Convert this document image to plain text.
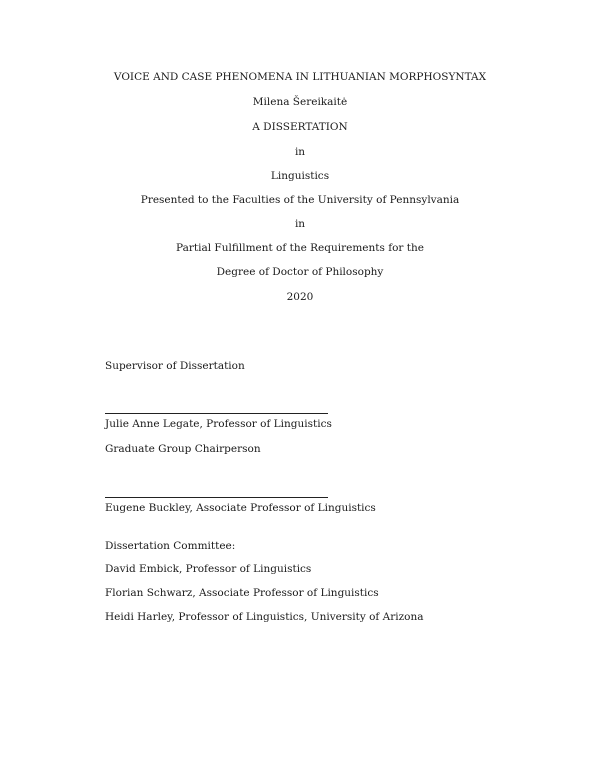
VOICE AND CASE PHENOMENA IN LITHUANIAN MORPHOSYNTAX
Milena Šereikaitė
A DISSERTATION
in
Linguistics
Presented to the Faculties of the University of Pennsylvania
in
Partial Fulfillment of the Requirements for the
Degree of Doctor of Philosophy
2020
Supervisor of Dissertation
Julie Anne Legate, Professor of Linguistics
Graduate Group Chairperson
Eugene Buckley, Associate Professor of Linguistics
Dissertation Committee:
David Embick, Professor of Linguistics
Florian Schwarz, Associate Professor of Linguistics
Heidi Harley, Professor of Linguistics, University of Arizona
